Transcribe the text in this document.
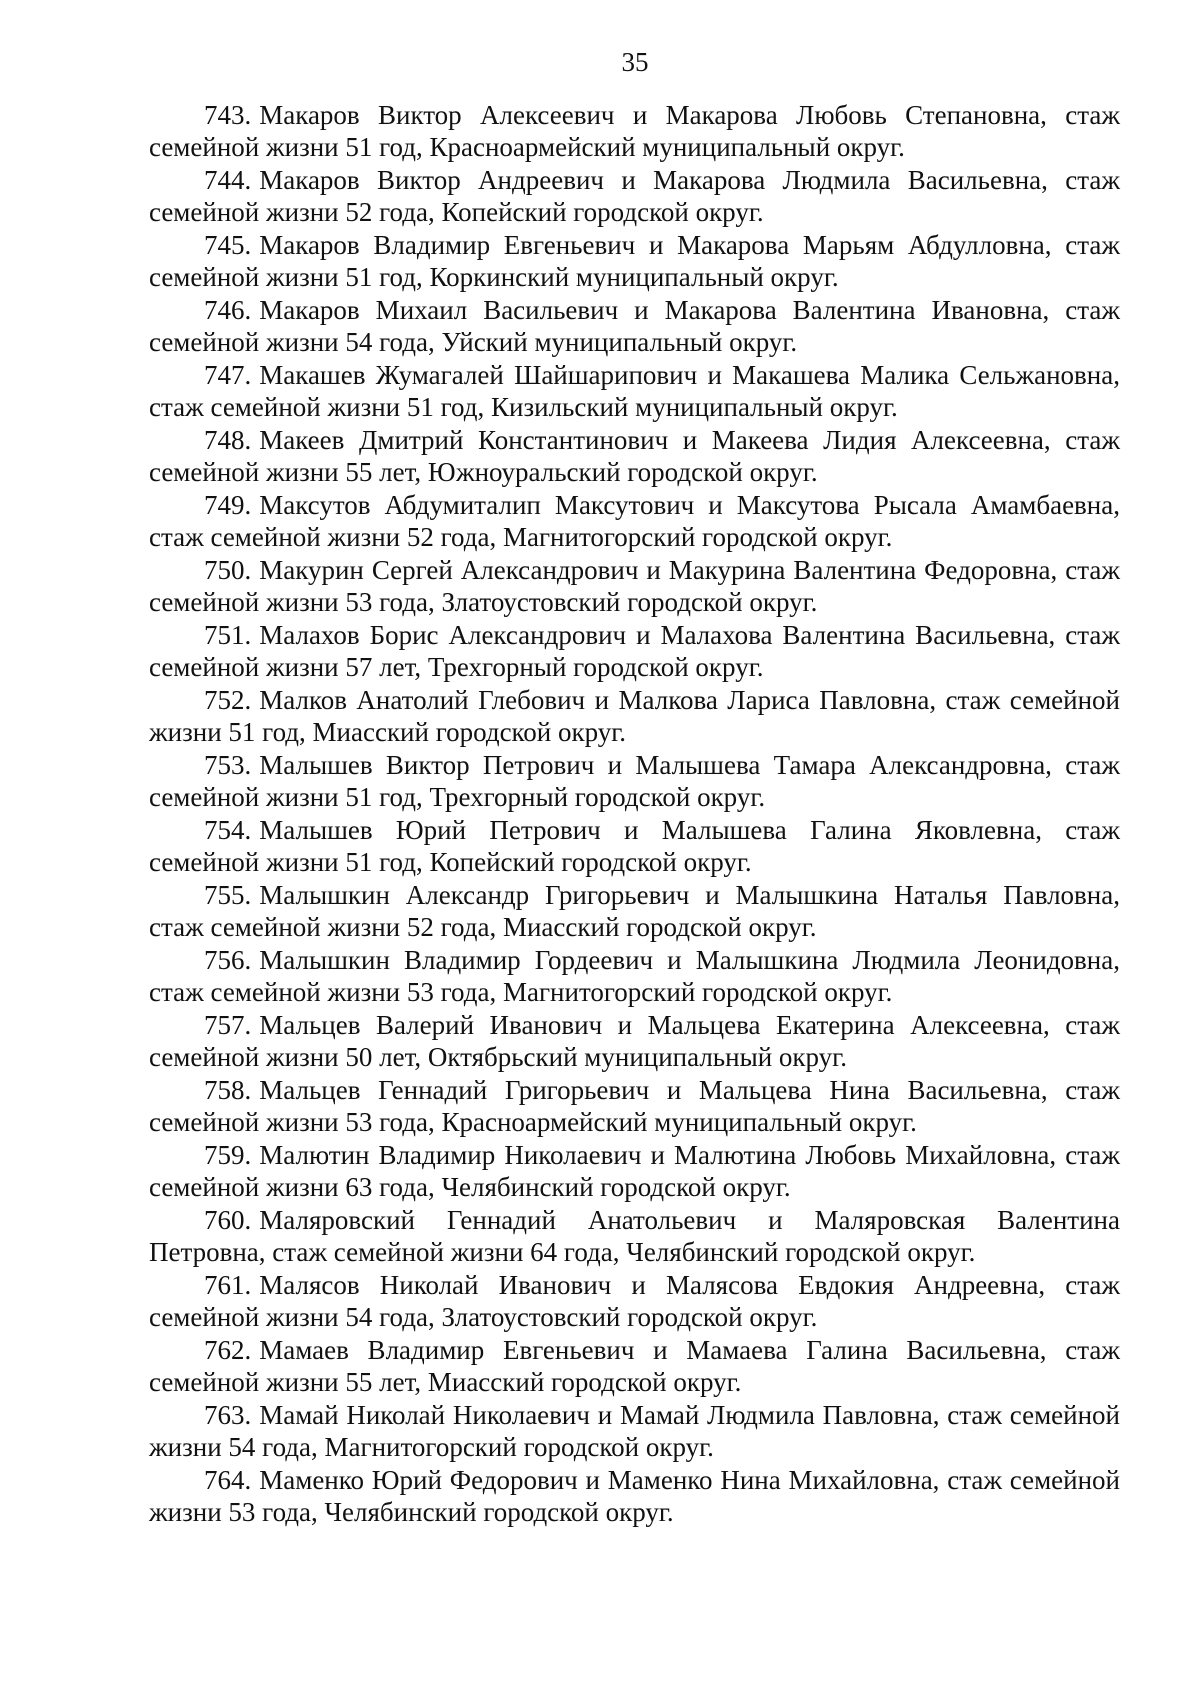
35
743. Макаров Виктор Алексеевич и Макарова Любовь Степановна, стаж
семейной жизни 51 год, Красноармейский муниципальный округ.
744. Макаров Виктор Андреевич и Макарова Людмила Васильевна, стаж
семейной жизни 52 года, Копейский городской округ.
745. Макаров Владимир Евгеньевич и Макарова Марьям Абдулловна, стаж
семейной жизни 51 год, Коркинский муниципальный округ.
746. Макаров Михаил Васильевич и Макарова Валентина Ивановна, стаж
семейной жизни 54 года, Уйский муниципальный округ.
747. Макашев Жумагалей Шайшарипович и Макашева Малика Сельжановна,
стаж семейной жизни 51 год, Кизильский муниципальный округ.
748. Макеев Дмитрий Константинович и Макеева Лидия Алексеевна, стаж
семейной жизни 55 лет, Южноуральский городской округ.
749. Максутов Абдумиталип Максутович и Максутова Рысала Амамбаевна,
стаж семейной жизни 52 года, Магнитогорский городской округ.
750. Макурин Сергей Александрович и Макурина Валентина Федоровна, стаж
семейной жизни 53 года, Златоустовский городской округ.
751. Малахов Борис Александрович и Малахова Валентина Васильевна, стаж
семейной жизни 57 лет, Трехгорный городской округ.
752. Малков Анатолий Глебович и Малкова Лариса Павловна, стаж семейной
жизни 51 год, Миасский городской округ.
753. Малышев Виктор Петрович и Малышева Тамара Александровна, стаж
семейной жизни 51 год, Трехгорный городской округ.
754. Малышев Юрий Петрович и Малышева Галина Яковлевна, стаж
семейной жизни 51 год, Копейский городской округ.
755. Малышкин Александр Григорьевич и Малышкина Наталья Павловна,
стаж семейной жизни 52 года, Миасский городской округ.
756. Малышкин Владимир Гордеевич и Малышкина Людмила Леонидовна,
стаж семейной жизни 53 года, Магнитогорский городской округ.
757. Мальцев Валерий Иванович и Мальцева Екатерина Алексеевна, стаж
семейной жизни 50 лет, Октябрьский муниципальный округ.
758. Мальцев Геннадий Григорьевич и Мальцева Нина Васильевна, стаж
семейной жизни 53 года, Красноармейский муниципальный округ.
759. Малютин Владимир Николаевич и Малютина Любовь Михайловна, стаж
семейной жизни 63 года, Челябинский городской округ.
760. Маляровский Геннадий Анатольевич и Маляровская Валентина
Петровна, стаж семейной жизни 64 года, Челябинский городской округ.
761. Малясов Николай Иванович и Малясова Евдокия Андреевна, стаж
семейной жизни 54 года, Златоустовский городской округ.
762. Мамаев Владимир Евгеньевич и Мамаева Галина Васильевна, стаж
семейной жизни 55 лет, Миасский городской округ.
763. Мамай Николай Николаевич и Мамай Людмила Павловна, стаж семейной
жизни 54 года, Магнитогорский городской округ.
764. Маменко Юрий Федорович и Маменко Нина Михайловна, стаж семейной
жизни 53 года, Челябинский городской округ.
